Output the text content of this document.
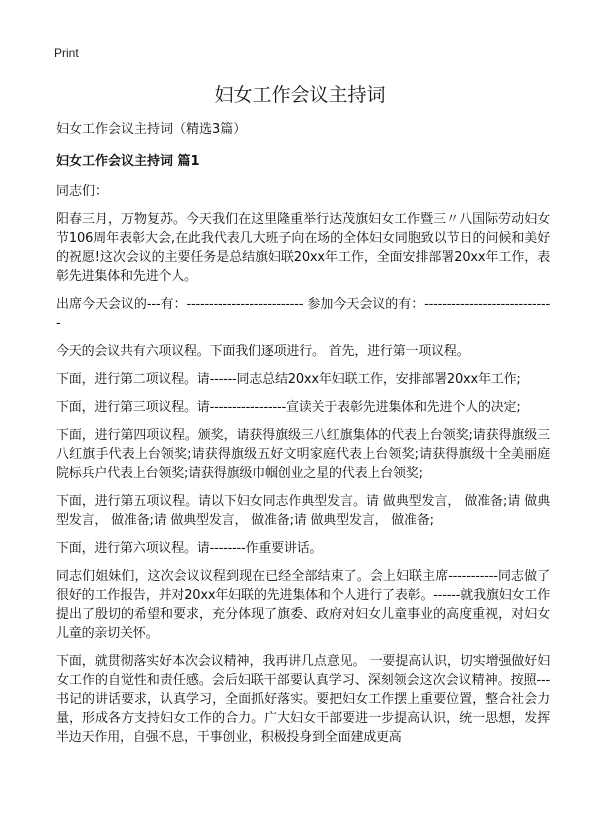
Print
妇女工作会议主持词

妇女工作会议主持词（精选3篇）

妇女工作会议主持词 篇1

同志们：

阳春三月，万物复苏。今天我们在这里隆重举行达茂旗妇女工作暨三〃八国际劳动妇女节106周年表彰大会,在此我代表几大班子向在场的全体妇女同胞致以节日的问候和美好的祝愿!这次会议的主要任务是总结旗妇联20xx年工作，全面安排部署20xx年工作，表彰先进集体和先进个人。

出席今天会议的---有：-------------------------- 参加今天会议的有：-----------------------------

今天的会议共有六项议程。下面我们逐项进行。 首先，进行第一项议程。

下面，进行第二项议程。请------同志总结20xx年妇联工作，安排部署20xx年工作;

下面，进行第三项议程。请-----------------宣读关于表彰先进集体和先进个人的决定;

下面，进行第四项议程。颁奖，请获得旗级三八红旗集体的代表上台领奖;请获得旗级三八红旗手代表上台领奖;请获得旗级五好文明家庭代表上台领奖;请获得旗级十全美丽庭院标兵户代表上台领奖;请获得旗级巾帼创业之星的代表上台领奖;

下面，进行第五项议程。请以下妇女同志作典型发言。请 做典型发言， 做准备;请 做典型发言， 做准备;请 做典型发言， 做准备;请 做典型发言， 做准备;

下面，进行第六项议程。请--------作重要讲话。

同志们姐妹们，这次会议议程到现在已经全部结束了。会上妇联主席-----------同志做了很好的工作报告，并对20xx年妇联的先进集体和个人进行了表彰。------就我旗妇女工作提出了殷切的希望和要求，充分体现了旗委、政府对妇女儿童事业的高度重视，对妇女儿童的亲切关怀。

下面，就贯彻落实好本次会议精神，我再讲几点意见。 一要提高认识，切实增强做好妇女工作的自觉性和责任感。会后妇联干部要认真学习、深刻领会这次会议精神。按照---书记的讲话要求，认真学习，全面抓好落实。要把妇女工作摆上重要位置，整合社会力量，形成各方支持妇女工作的合力。广大妇女干部要进一步提高认识，统一思想，发挥半边天作用，自强不息，干事创业，积极投身到全面建成更高
